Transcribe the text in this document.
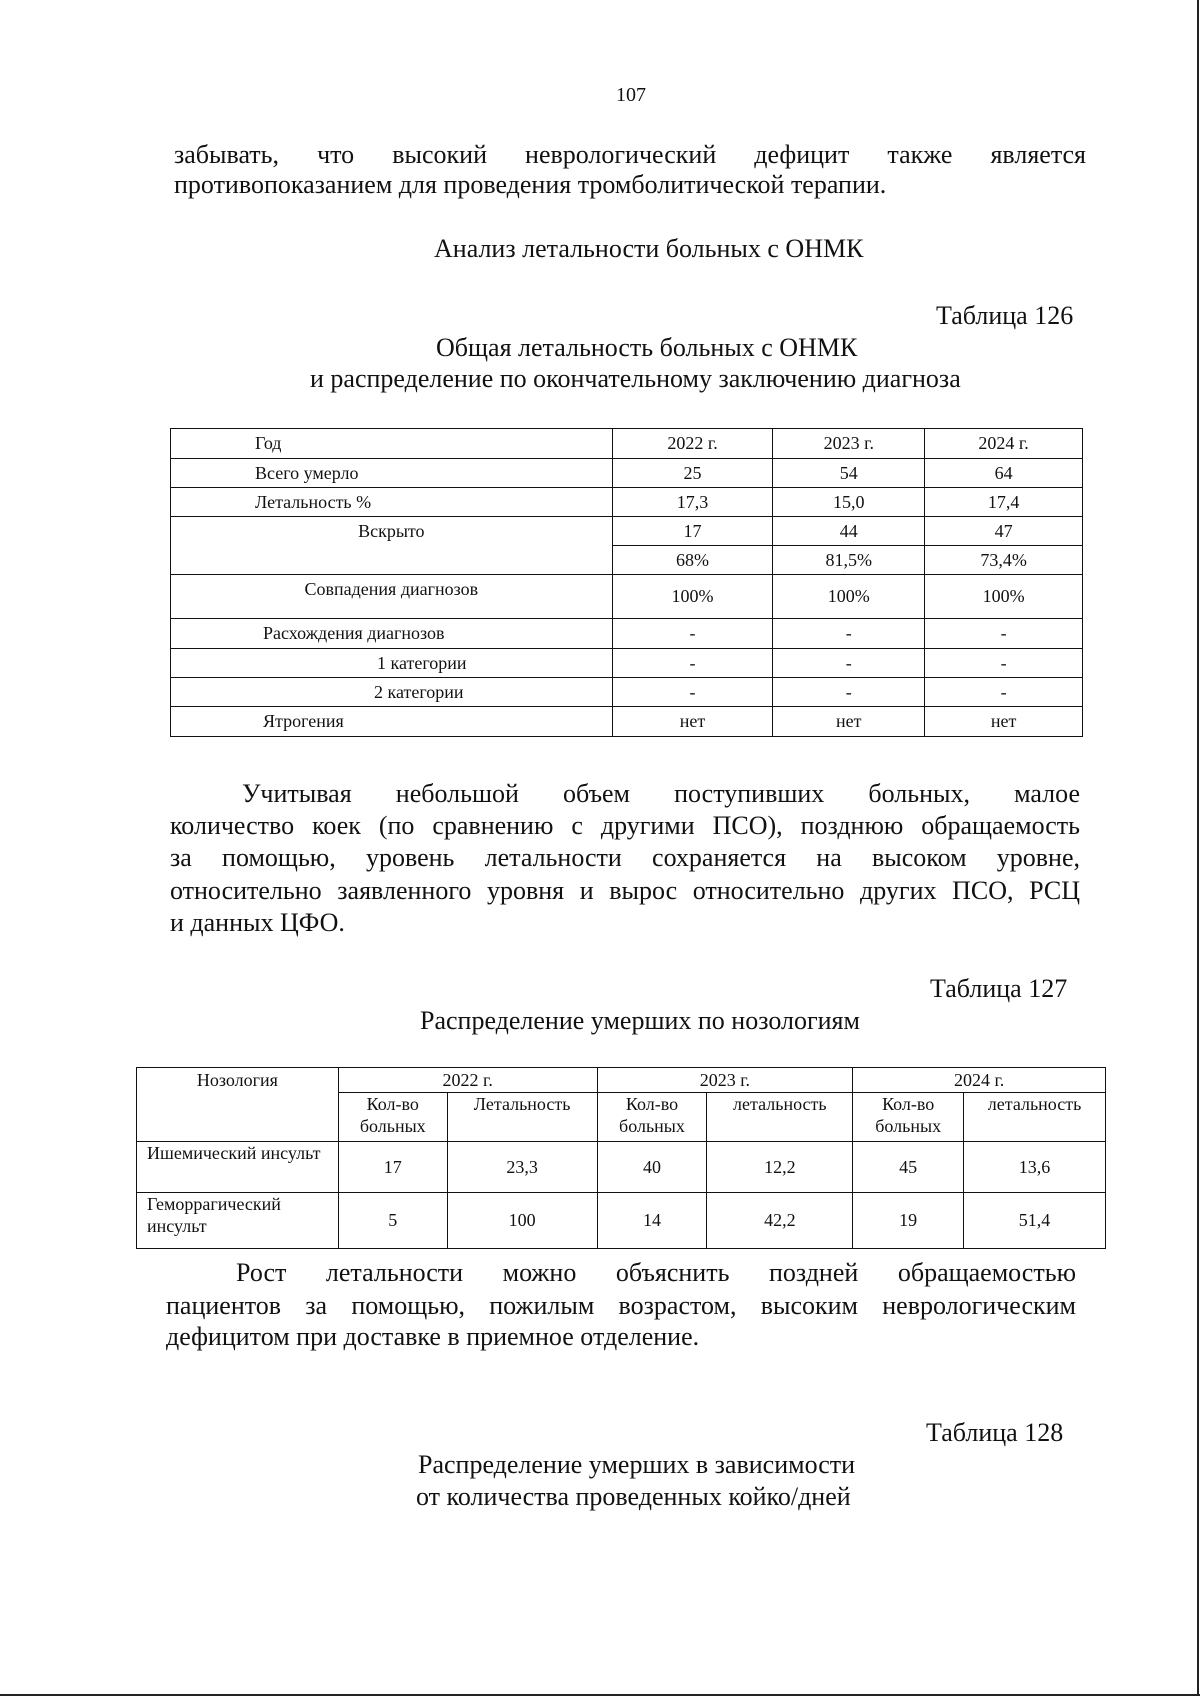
107
забывать, что высокий неврологический дефицит также является
противопоказанием для проведения тромболитической терапии.
Анализ летальности больных с ОНМК
Таблица 126
Общая летальность больных с ОНМК
и распределение по окончательному заключению диагноза
Год	2022 г.	2023 г.	2024 г.
Всего умерло	25	54	64
Летальность %	17,3	15,0	17,4
Вскрыто	17	44	47
	68%	81,5%	73,4%
Совпадения диагнозов	100%	100%	100%
Расхождения диагнозов	-	-	-
1 категории	-	-	-
2 категории	-	-	-
Ятрогения	нет	нет	нет
Учитывая небольшой объем поступивших больных, малое
количество коек (по сравнению с другими ПСО), позднюю обращаемость
за помощью, уровень летальности сохраняется на высоком уровне,
относительно заявленного уровня и вырос относительно других ПСО, РСЦ
и данных ЦФО.
Таблица 127
Распределение умерших по нозологиям
Нозология	2022 г.		2023 г.		2024 г.	
	Кол-во больных	Летальность	Кол-во больных	летальность	Кол-во больных	летальность
Ишемический инсульт	17	23,3	40	12,2	45	13,6
Геморрагический инсульт	5	100	14	42,2	19	51,4
Рост летальности можно объяснить поздней обращаемостью
пациентов за помощью, пожилым возрастом, высоким неврологическим
дефицитом при доставке в приемное отделение.
Таблица 128
Распределение умерших в зависимости
от количества проведенных койко/дней
